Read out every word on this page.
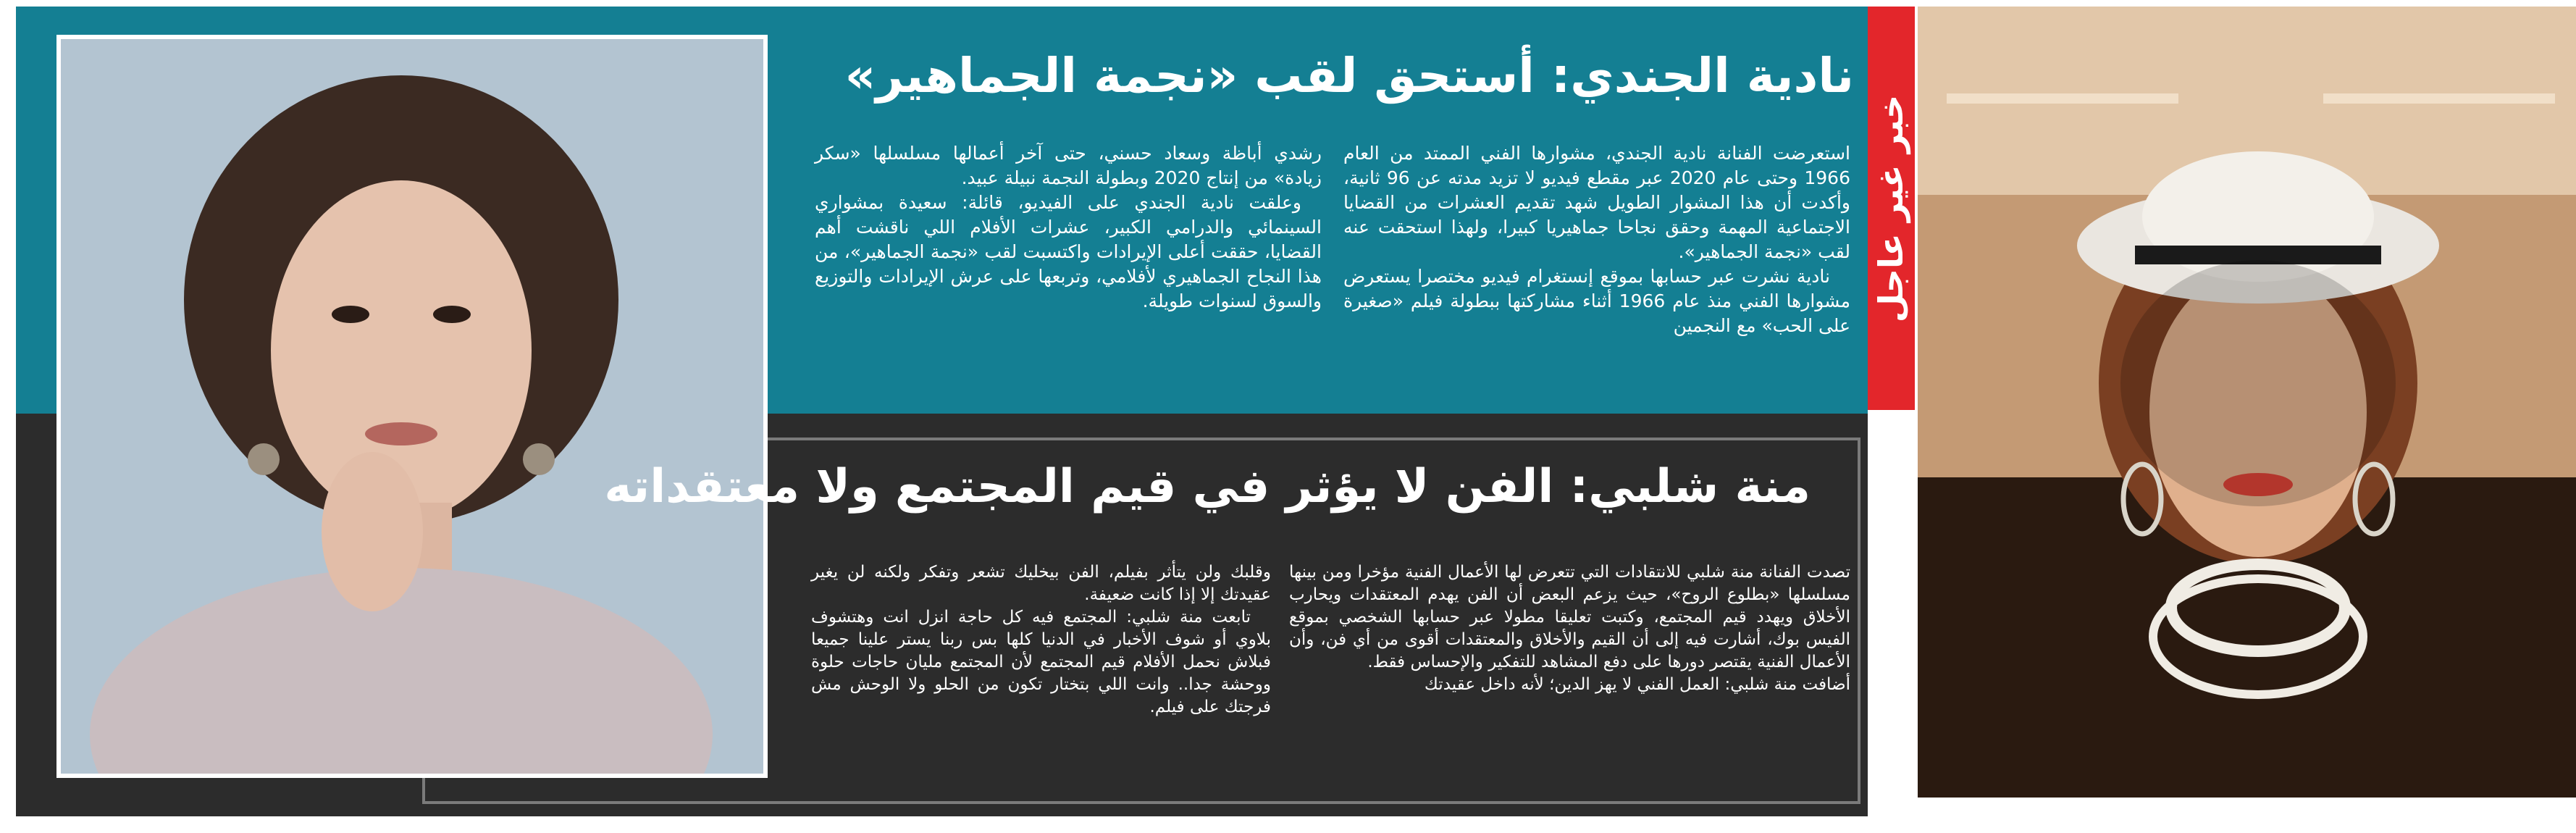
خبر غير عاجل
نادية الجندي: أستحق لقب «نجمة الجماهير»

استعرضت الفنانة نادية الجندي، مشوارها الفني الممتد من العام 1966 وحتى عام 2020 عبر مقطع فيديو لا تزيد مدته عن 96 ثانية، وأكدت أن هذا المشوار الطويل شهد تقديم العشرات من القضايا الاجتماعية المهمة وحقق نجاحا جماهيريا كبيرا، ولهذا استحقت عنه لقب «نجمة الجماهير».

نادية نشرت عبر حسابها بموقع إنستغرام فيديو مختصرا يستعرض مشوارها الفني منذ عام 1966 أثناء مشاركتها ببطولة فيلم «صغيرة على الحب» مع النجمين

رشدي أباظة وسعاد حسني، حتى آخر أعمالها مسلسلها «سكر زيادة» من إنتاج 2020 وبطولة النجمة نبيلة عبيد.

وعلقت نادية الجندي على الفيديو، قائلة: سعيدة بمشواري السينمائي والدرامي الكبير، عشرات الأفلام اللي ناقشت أهم القضايا، حققت أعلى الإيرادات واكتسبت لقب «نجمة الجماهير»، من هذا النجاح الجماهيري لأفلامي، وتربعها على عرش الإيرادات والتوزيع والسوق لسنوات طويلة.

منة شلبي: الفن لا يؤثر في قيم المجتمع ولا معتقداته

تصدت الفنانة منة شلبي للانتقادات التي تتعرض لها الأعمال الفنية مؤخرا ومن بينها مسلسلها «بطلوع الروح»، حيث يزعم البعض أن الفن يهدم المعتقدات ويحارب الأخلاق ويهدد قيم المجتمع، وكتبت تعليقا مطولا عبر حسابها الشخصي بموقع الفيس بوك، أشارت فيه إلى أن القيم والأخلاق والمعتقدات أقوى من أي فن، وأن الأعمال الفنية يقتصر دورها على دفع المشاهد للتفكير والإحساس فقط.

أضافت منة شلبي: العمل الفني لا يهز الدين؛ لأنه داخل عقيدتك

وقلبك ولن يتأثر بفيلم، الفن بيخليك تشعر وتفكر ولكنه لن يغير عقيدتك إلا إذا كانت ضعيفة.

تابعت منة شلبي: المجتمع فيه كل حاجة انزل انت وهتشوف بلاوي أو شوف الأخبار في الدنيا كلها بس ربنا يستر علينا جميعا فبلاش نحمل الأفلام قيم المجتمع لأن المجتمع مليان حاجات حلوة ووحشة جدا.. وانت اللي بتختار تكون من الحلو ولا الوحش مش فرجتك على فيلم.
